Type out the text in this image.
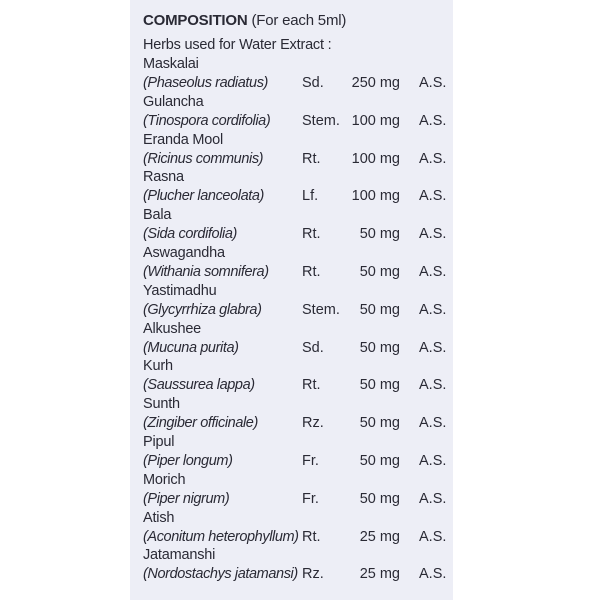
COMPOSITION (For each 5ml)
Herbs used for Water Extract :
Maskalai
(Phaseolus radiatus) Sd. 250 mg A.S.
Gulancha
(Tinospora cordifolia) Stem. 100 mg A.S.
Eranda Mool
(Ricinus communis)	Rt. 100 mg A.S.
Rasna
(Plucher lanceolata)	Lf. 100 mg A.S.
Bala
(Sida cordifolia)	Rt.	50 mg A.S.
Aswagandha
(Withania somnifera) Rt.	50 mg A.S.
Yastimadhu
(Glycyrrhiza glabra)	Stem. 50 mg A.S.
Alkushee
(Mucuna purita)	Sd. 50 mg A.S.
Kurh
(Saussurea lappa)	Rt.	50 mg A.S.
Sunth
(Zingiber officinale)	Rz. 50 mg A.S.
Pipul
(Piper longum)	Fr.	50 mg A.S.
Morich
(Piper nigrum)	Fr.	50 mg A.S.
Atish
(Aconitum heterophyllum) Rt.	25 mg A.S.
Jatamanshi
(Nordostachys jatamansi) Rz. 25 mg A.S.
